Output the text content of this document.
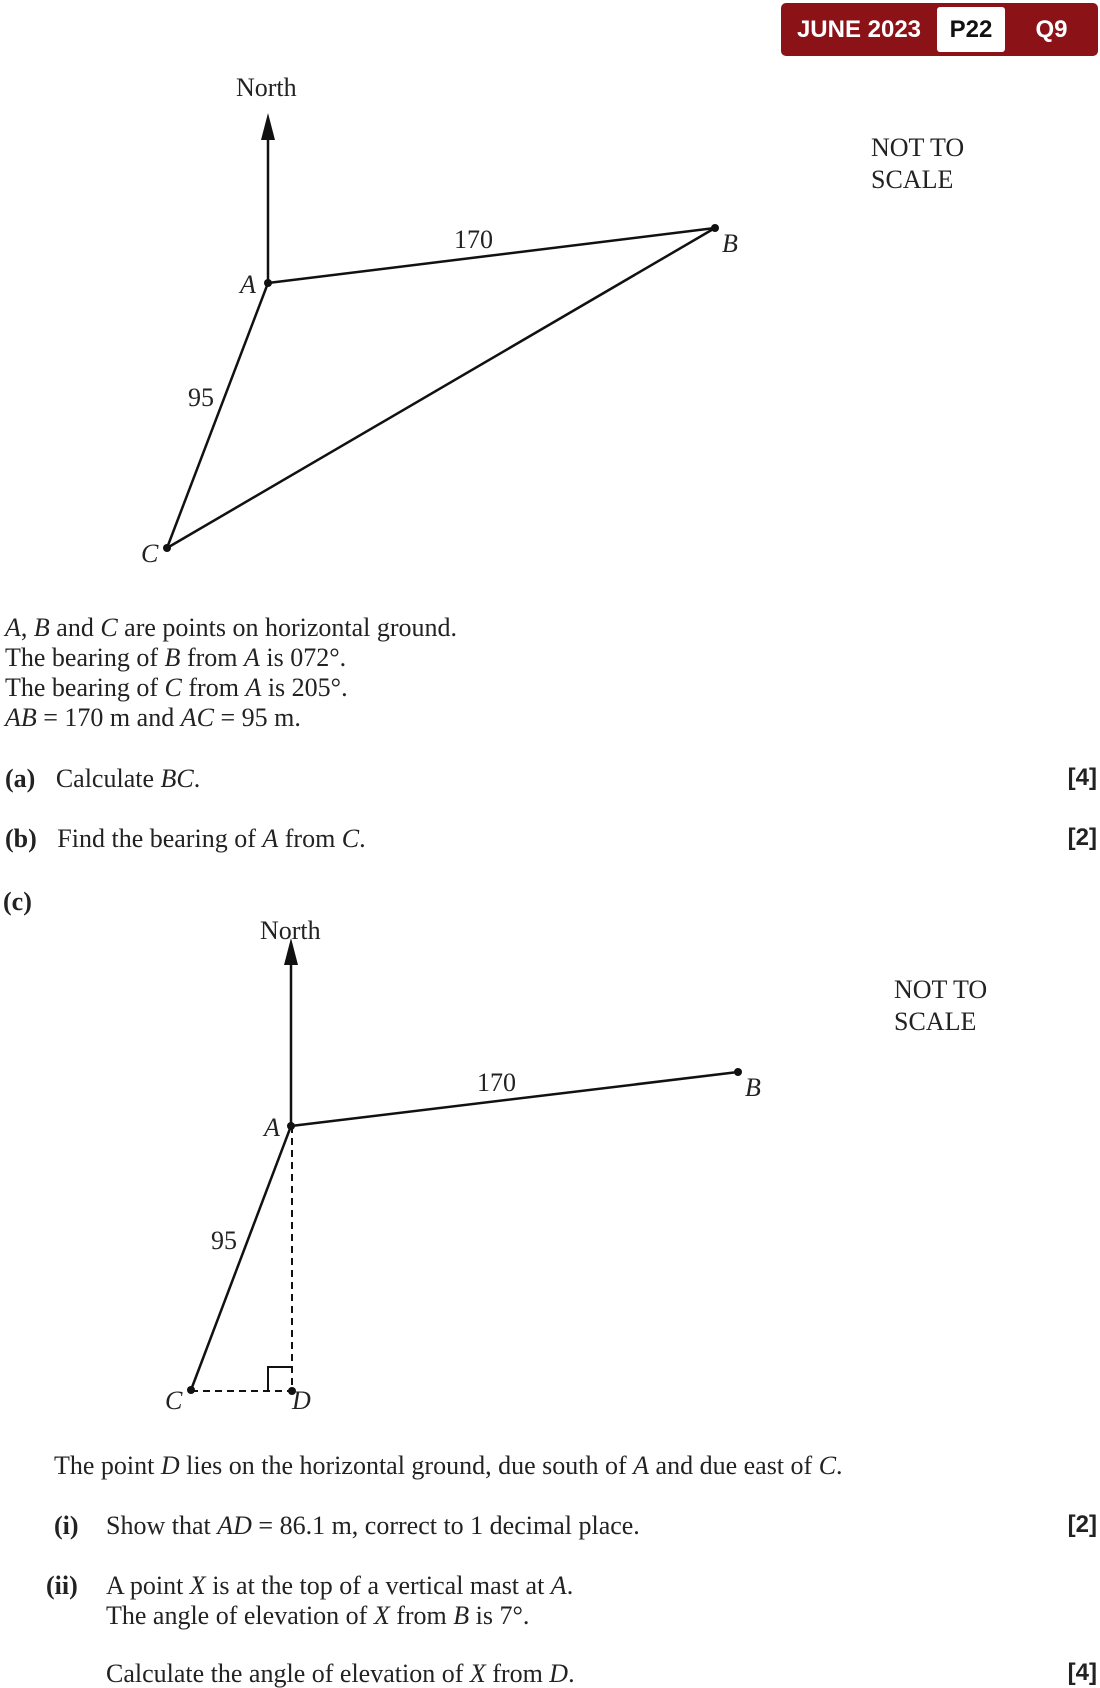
JUNE 2023	P22	Q9
North
170
95
A
B
C
NOT TO
SCALE
A, B and C are points on horizontal ground.
The bearing of B from A is 072°.
The bearing of C from A is 205°.
AB = 170 m and AC = 95 m.
(a) Calculate BC.	[4]
(b) Find the bearing of A from C.	[2]
(c)
North
170
95
A
B
C	D
NOT TO
SCALE
The point D lies on the horizontal ground, due south of A and due east of C.
(i) Show that AD = 86.1 m, correct to 1 decimal place.	[2]
(ii) A point X is at the top of a vertical mast at A.
The angle of elevation of X from B is 7°.
Calculate the angle of elevation of X from D.	[4]
